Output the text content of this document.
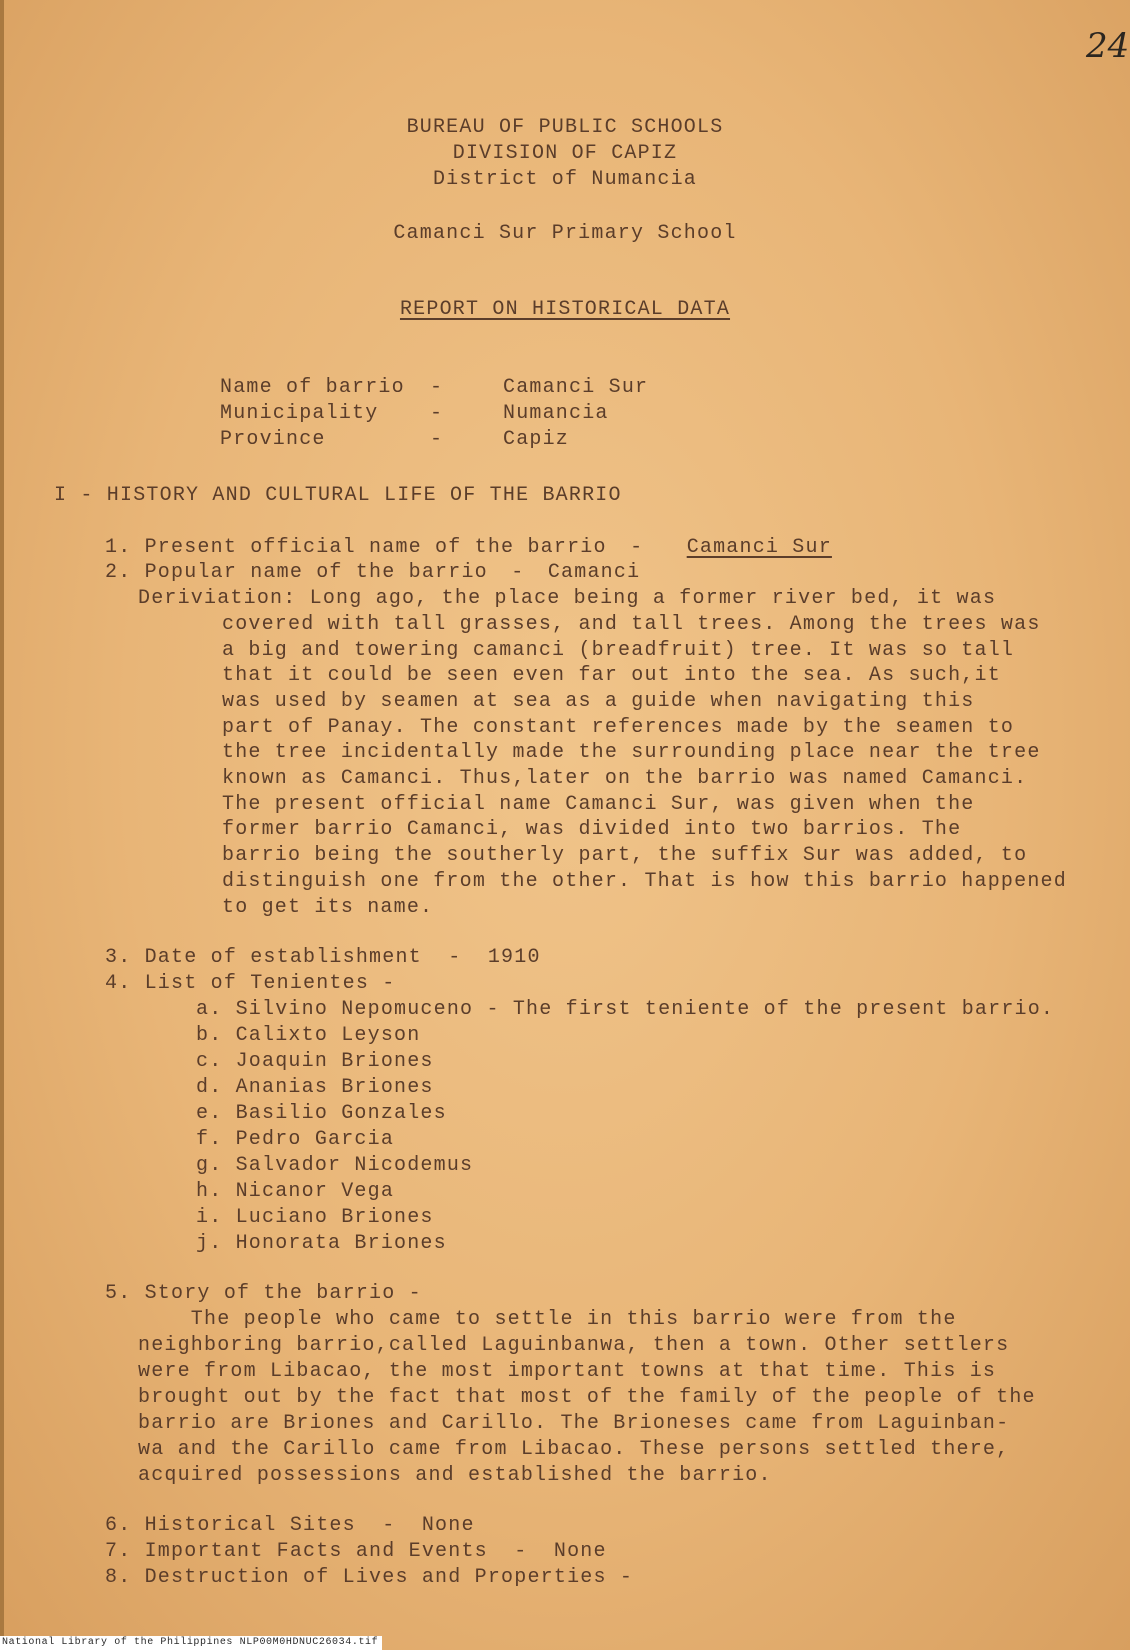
24
BUREAU OF PUBLIC SCHOOLS
DIVISION OF CAPIZ
District of Numancia
Camanci Sur Primary School
REPORT ON HISTORICAL DATA
Name of barrio -	Camanci Sur
Municipality	-	Numancia
Province	-	Capiz
I - HISTORY AND CULTURAL LIFE OF THE BARRIO
1. Present official name of the barrio - Camanci Sur
2. Popular name of the barrio - Camanci
Deriviation: Long ago, the place being a former river bed, it was
covered with tall grasses, and tall trees. Among the trees was
a big and towering camanci (breadfruit) tree. It was so tall
that it could be seen even far out into the sea. As such,it
was used by seamen at sea as a guide when navigating this
part of Panay. The constant references made by the seamen to
the tree incidentally made the surrounding place near the tree
known as Camanci. Thus,later on the barrio was named Camanci.
The present official name Camanci Sur, was given when the
former barrio Camanci, was divided into two barrios. The
barrio being the southerly part, the suffix Sur was added, to
distinguish one from the other. That is how this barrio happened
to get its name.
3. Date of establishment  -  1910
4. List of Tenientes -
a. Silvino Nepomuceno - The first teniente of the present barrio.
b. Calixto Leyson
c. Joaquin Briones
d. Ananias Briones
e. Basilio Gonzales
f. Pedro Garcia
g. Salvador Nicodemus
h. Nicanor Vega
i. Luciano Briones
j. Honorata Briones
5. Story of the barrio -
The people who came to settle in this barrio were from the
neighboring barrio,called Laguinbanwa, then a town. Other settlers
were from Libacao, the most important towns at that time. This is
brought out by the fact that most of the family of the people of the
barrio are Briones and Carillo. The Brioneses came from Laguinban-
wa and the Carillo came from Libacao. These persons settled there,
acquired possessions and established the barrio.
6. Historical Sites  -  None
7. Important Facts and Events  -  None
8. Destruction of Lives and Properties -
National Library of the Philippines NLP00M0HDNUC26034.tif
